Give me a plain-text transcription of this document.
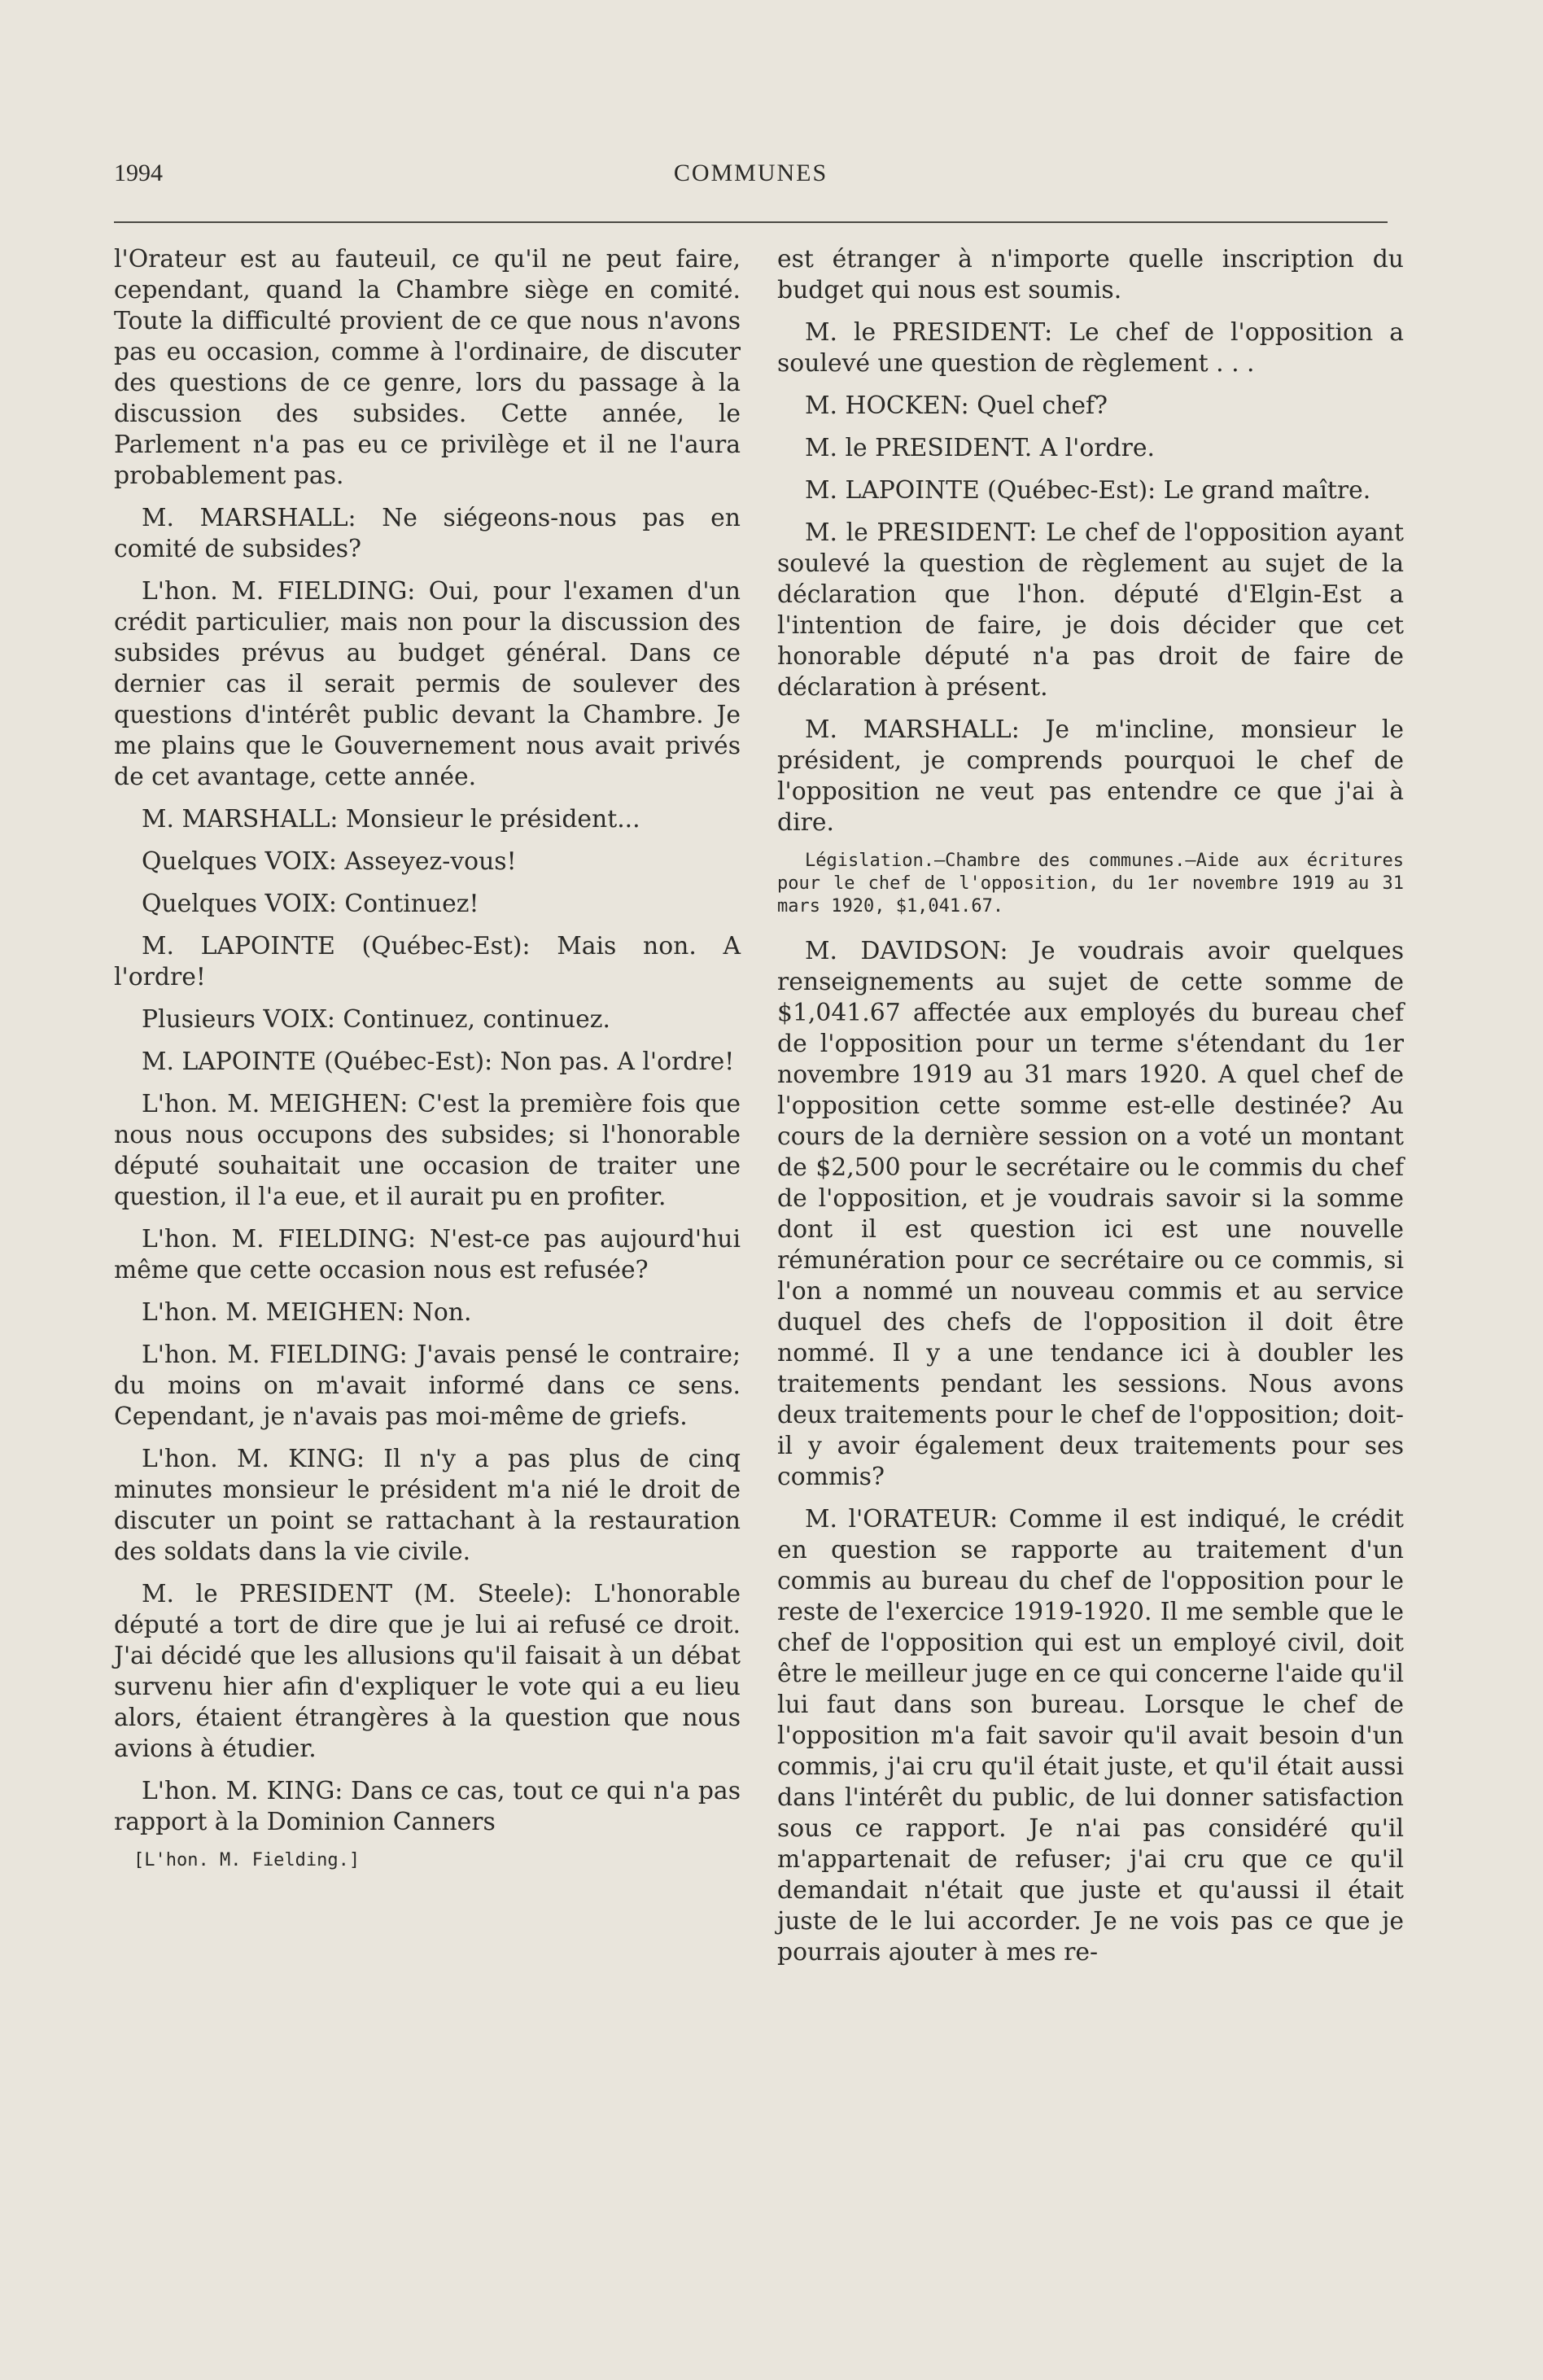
1994	COMMUNES

l'Orateur est au fauteuil, ce qu'il ne peut faire, cependant, quand la Chambre siège en comité. Toute la difficulté provient de ce que nous n'avons pas eu occasion, comme à l'ordinaire, de discuter des questions de ce genre, lors du passage à la discussion des subsides. Cette année, le Parlement n'a pas eu ce privilège et il ne l'aura probablement pas.

M. MARSHALL: Ne siégeons-nous pas en comité de subsides?

L'hon. M. FIELDING: Oui, pour l'examen d'un crédit particulier, mais non pour la discussion des subsides prévus au budget général. Dans ce dernier cas il serait permis de soulever des questions d'intérêt public devant la Chambre. Je me plains que le Gouvernement nous avait privés de cet avantage, cette année.

M. MARSHALL: Monsieur le président...

Quelques VOIX: Asseyez-vous!

Quelques VOIX: Continuez!

M. LAPOINTE (Québec-Est): Mais non. A l'ordre!

Plusieurs VOIX: Continuez, continuez.

M. LAPOINTE (Québec-Est): Non pas. A l'ordre!

L'hon. M. MEIGHEN: C'est la première fois que nous nous occupons des subsides; si l'honorable député souhaitait une occasion de traiter une question, il l'a eue, et il aurait pu en profiter.

L'hon. M. FIELDING: N'est-ce pas aujourd'hui même que cette occasion nous est refusée?

L'hon. M. MEIGHEN: Non.

L'hon. M. FIELDING: J'avais pensé le contraire; du moins on m'avait informé dans ce sens. Cependant, je n'avais pas moi-même de griefs.

L'hon. M. KING: Il n'y a pas plus de cinq minutes monsieur le président m'a nié le droit de discuter un point se rattachant à la restauration des soldats dans la vie civile.

M. le PRESIDENT (M. Steele): L'honorable député a tort de dire que je lui ai refusé ce droit. J'ai décidé que les allusions qu'il faisait à un débat survenu hier afin d'expliquer le vote qui a eu lieu alors, étaient étrangères à la question que nous avions à étudier.

L'hon. M. KING: Dans ce cas, tout ce qui n'a pas rapport à la Dominion Canners

[L'hon. M. Fielding.]

est étranger à n'importe quelle inscription du budget qui nous est soumis.

M. le PRESIDENT: Le chef de l'opposition a soulevé une question de règlement . . .

M. HOCKEN: Quel chef?

M. le PRESIDENT. A l'ordre.

M. LAPOINTE (Québec-Est): Le grand maître.

M. le PRESIDENT: Le chef de l'opposition ayant soulevé la question de règlement au sujet de la déclaration que l'hon. député d'Elgin-Est a l'intention de faire, je dois décider que cet honorable député n'a pas droit de faire de déclaration à présent.

M. MARSHALL: Je m'incline, monsieur le président, je comprends pourquoi le chef de l'opposition ne veut pas entendre ce que j'ai à dire.

Législation.—Chambre des communes.—Aide aux écritures pour le chef de l'opposition, du 1er novembre 1919 au 31 mars 1920, $1,041.67.

M. DAVIDSON: Je voudrais avoir quelques renseignements au sujet de cette somme de $1,041.67 affectée aux employés du bureau chef de l'opposition pour un terme s'étendant du 1er novembre 1919 au 31 mars 1920. A quel chef de l'opposition cette somme est-elle destinée? Au cours de la dernière session on a voté un montant de $2,500 pour le secrétaire ou le commis du chef de l'opposition, et je voudrais savoir si la somme dont il est question ici est une nouvelle rémunération pour ce secrétaire ou ce commis, si l'on a nommé un nouveau commis et au service duquel des chefs de l'opposition il doit être nommé. Il y a une tendance ici à doubler les traitements pendant les sessions. Nous avons deux traitements pour le chef de l'opposition; doit-il y avoir également deux traitements pour ses commis?

M. l'ORATEUR: Comme il est indiqué, le crédit en question se rapporte au traitement d'un commis au bureau du chef de l'opposition pour le reste de l'exercice 1919-1920. Il me semble que le chef de l'opposition qui est un employé civil, doit être le meilleur juge en ce qui concerne l'aide qu'il lui faut dans son bureau. Lorsque le chef de l'opposition m'a fait savoir qu'il avait besoin d'un commis, j'ai cru qu'il était juste, et qu'il était aussi dans l'intérêt du public, de lui donner satisfaction sous ce rapport. Je n'ai pas considéré qu'il m'appartenait de refuser; j'ai cru que ce qu'il demandait n'était que juste et qu'aussi il était juste de le lui accorder. Je ne vois pas ce que je pourrais ajouter à mes re-
